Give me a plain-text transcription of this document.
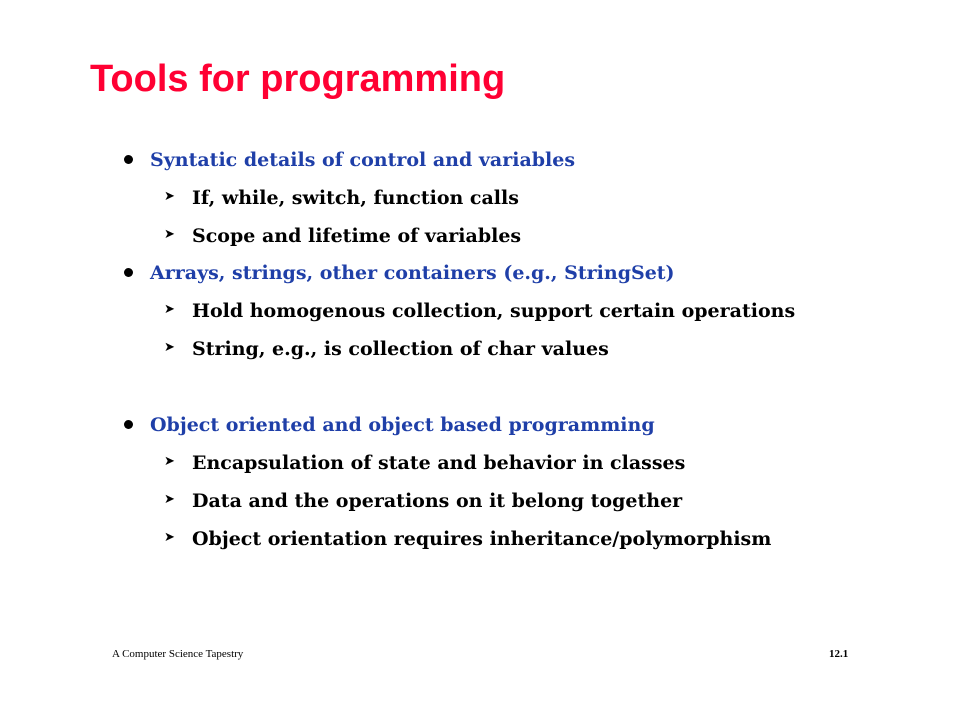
Tools for programming
Syntatic details of control and variables
➤ If, while, switch, function calls
➤ Scope and lifetime of variables
Arrays, strings, other containers (e.g., StringSet)
➤ Hold homogenous collection, support certain operations
➤ String, e.g., is collection of char values
Object oriented and object based programming
➤ Encapsulation of state and behavior in classes
➤ Data and the operations on it belong together
➤ Object orientation requires inheritance/polymorphism
A Computer Science Tapestry	12.1
